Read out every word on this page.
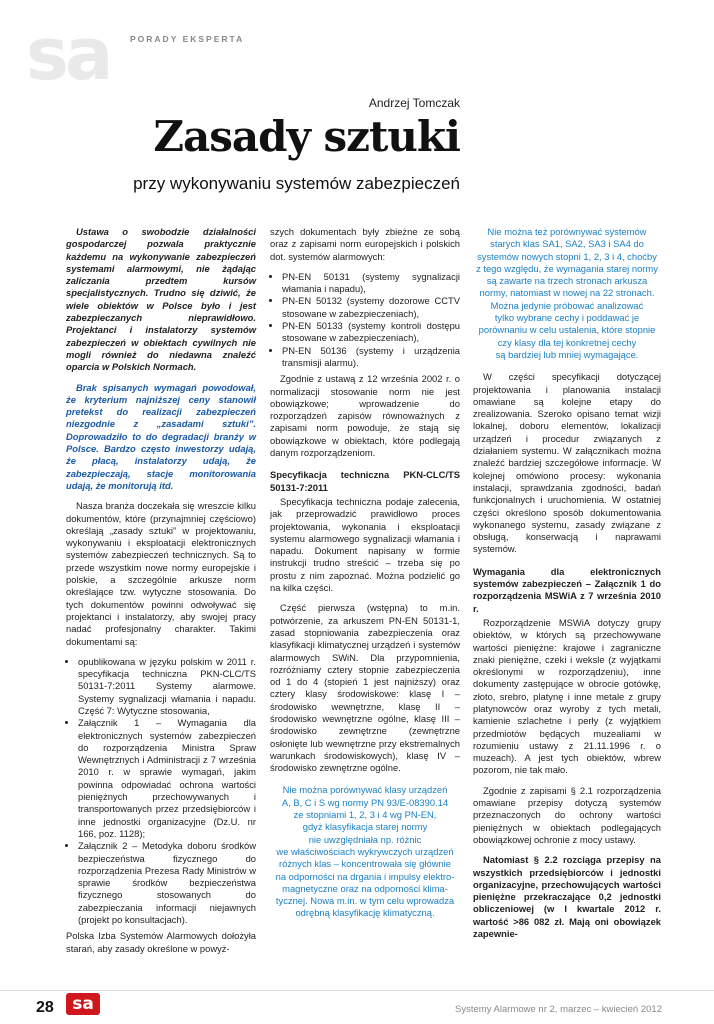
sa PORADY EKSPERTA
Andrzej Tomczak
Zasady sztuki
przy wykonywaniu systemów zabezpieczeń

Ustawa o swobodzie działalności gospodarczej pozwala praktycznie każdemu na wykonywanie zabezpieczeń systemami alarmowymi, nie żądając zaliczania przedtem kursów specjalistycznych. Trudno się dziwić, że wiele obiektów w Polsce było i jest zabezpieczanych nieprawidłowo. Projektanci i instalatorzy systemów zabezpieczeń w obiektach cywilnych nie mogli również do niedawna znaleźć oparcia w Polskich Normach.

Brak spisanych wymagań powodował, że kryterium najniższej ceny stanowił pretekst do realizacji zabezpieczeń niezgodnie z „zasadami sztuki”. Doprowadziło to do degradacji branży w Polsce. Bardzo często inwestorzy udają, że płacą, instalatorzy udają, że zabezpieczają, stacje monitorowania udają, że monitorują itd.

Nasza branża doczekała się wreszcie kilku dokumentów, które (przynajmniej częściowo) określają „zasady sztuki” w projektowaniu, wykonywaniu i eksploatacji elektronicznych systemów zabezpieczeń technicznych. Są to przede wszystkim nowe normy europejskie i polskie, a szczególnie arkusze norm określające tzw. wytyczne stosowania. Do tych dokumentów powinni odwoływać się projektanci i instalatorzy, aby swojej pracy nadać profesjonalny charakter. Takimi dokumentami są:

• opublikowana w języku polskim w 2011 r. specyfikacja techniczna PKN-CLC/TS 50131-7:2011 Systemy alarmowe. Systemy sygnalizacji włamania i napadu. Część 7: Wytyczne stosowania,
• Załącznik 1 – Wymagania dla elektronicznych systemów zabezpieczeń do rozporządzenia Ministra Spraw Wewnętrznych i Administracji z 7 września 2010 r. w sprawie wymagań, jakim powinna odpowiadać ochrona wartości pieniężnych przechowywanych i transportowanych przez przedsiębiorców i inne jednostki organizacyjne (Dz.U. nr 166, poz. 1128);
• Załącznik 2 – Metodyka doboru środków bezpieczeństwa fizycznego do rozporządzenia Prezesa Rady Ministrów w sprawie środków bezpieczeństwa fizycznego stosowanych do zabezpieczania informacji niejawnych (projekt po konsultacjach).

Polska Izba Systemów Alarmowych dołożyła starań, aby zasady określone w powyż-

szych dokumentach były zbieżne ze sobą oraz z zapisami norm europejskich i polskich dot. systemów alarmowych:

• PN-EN 50131 (systemy sygnalizacji włamania i napadu),
• PN-EN 50132 (systemy dozorowe CCTV stosowane w zabezpieczeniach),
• PN-EN 50133 (systemy kontroli dostępu stosowane w zabezpieczeniach),
• PN-EN 50136 (systemy i urządzenia transmisji alarmu).

Zgodnie z ustawą z 12 września 2002 r. o normalizacji stosowanie norm nie jest obowiązkowe; wprowadzenie do rozporządzeń zapisów równoważnych z zapisami norm powoduje, że stają się obowiązkowe w obiektach, które podlegają danym rozporządzeniom.

Specyfikacja techniczna PKN-CLC/TS 50131-7:2011

Specyfikacja techniczna podaje zalecenia, jak przeprowadzić prawidłowo proces projektowania, wykonania i eksploatacji systemu alarmowego sygnalizacji włamania i napadu. Dokument napisany w formie instrukcji trudno streścić – trzeba się po prostu z nim zapoznać. Można podzielić go na kilka części.

Część pierwsza (wstępna) to m.in. potwórzenie, za arkuszem PN-EN 50131-1, zasad stopniowania zabezpieczenia oraz klasyfikacji klimatycznej urządzeń i systemów alarmowych SWiN. Dla przypomnienia, rozróżniamy cztery stopnie zabezpieczenia od 1 do 4 (stopień 1 jest najniższy) oraz cztery klasy środowiskowe: klasę I – środowisko wewnętrzne, klasę II – środowisko wewnętrzne ogólne, klasę III – środowisko zewnętrzne (zewnętrzne osłonięte lub wewnętrzne przy ekstremalnych warunkach środowiskowych), klasę IV – środowisko zewnętrzne ogólne.

Nie można porównywać klasy urządzeń
A, B, C i S wg normy PN 93/E-08390.14
ze stopniami 1, 2, 3 i 4 wg PN-EN,
gdyż klasyfikacja starej normy
nie uwzględniała np. różnic
we właściwościach wykrywczych urządzeń
różnych klas – koncentrowała się głównie
na odporności na drgania i impulsy elektro-
magnetyczne oraz na odporności klima-
tycznej. Nowa m.in. w tym celu wprowadza
odrębną klasyfikację klimatyczną.
Nie można też porównywać systemów
starych klas SA1, SA2, SA3 i SA4 do
systemów nowych stopni 1, 2, 3 i 4, choćby
z tego względu, że wymagania starej normy
są zawarte na trzech stronach arkusza
normy, natomiast w nowej na 22 stronach.
Można jedynie próbować analizować
tylko wybrane cechy i poddawać je
porównaniu w celu ustalenia, które stopnie
czy klasy dla tej konkretnej cechy
są bardziej lub mniej wymagające.

W części specyfikacji dotyczącej projektowania i planowania instalacji omawiane są kolejne etapy do zrealizowania. Szeroko opisano temat wizji lokalnej, doboru elementów, lokalizacji urządzeń i procedur związanych z działaniem systemu. W załącznikach można znaleźć bardziej szczegółowe informacje. W kolejnej omówiono procesy: wykonania instalacji, sprawdzania zgodności, badań funkcjonalnych i uruchomienia. W ostatniej części określono sposób dokumentowania wykonanego systemu, zasady związane z obsługą, konserwacją i naprawami systemów.

Wymagania dla elektronicznych systemów zabezpieczeń – Załącznik 1 do rozporządzenia MSWiA z 7 września 2010 r.

Rozporządzenie MSWiA dotyczy grupy obiektów, w których są przechowywane wartości pieniężne: krajowe i zagraniczne znaki pieniężne, czeki i weksle (z wyjątkami określonymi w rozporządzeniu), inne dokumenty zastępujące w obrocie gotówkę, złoto, srebro, platynę i inne metale z grupy platynowców oraz wyroby z tych metali, kamienie szlachetne i perły (z wyjątkiem przedmiotów będących muzealiami w rozumieniu ustawy z 21.11.1996 r. o muzeach). A jest tych obiektów, wbrew pozorom, nie tak mało.

Zgodnie z zapisami § 2.1 rozporządzenia omawiane przepisy dotyczą systemów przeznaczonych do ochrony wartości pieniężnych w obiektach podlegających obowiązkowej ochronie z mocy ustawy.

Natomiast § 2.2 rozciąga przepisy na wszystkich przedsiębiorców i jednostki organizacyjne, przechowujących wartości pieniężne przekraczające 0,2 jednostki obliczeniowej (w I kwartale 2012 r. wartość >86 082 zł. Mają oni obowiązek zapewnie-

28	sa	Systemy Alarmowe nr 2, marzec – kwiecień 2012
